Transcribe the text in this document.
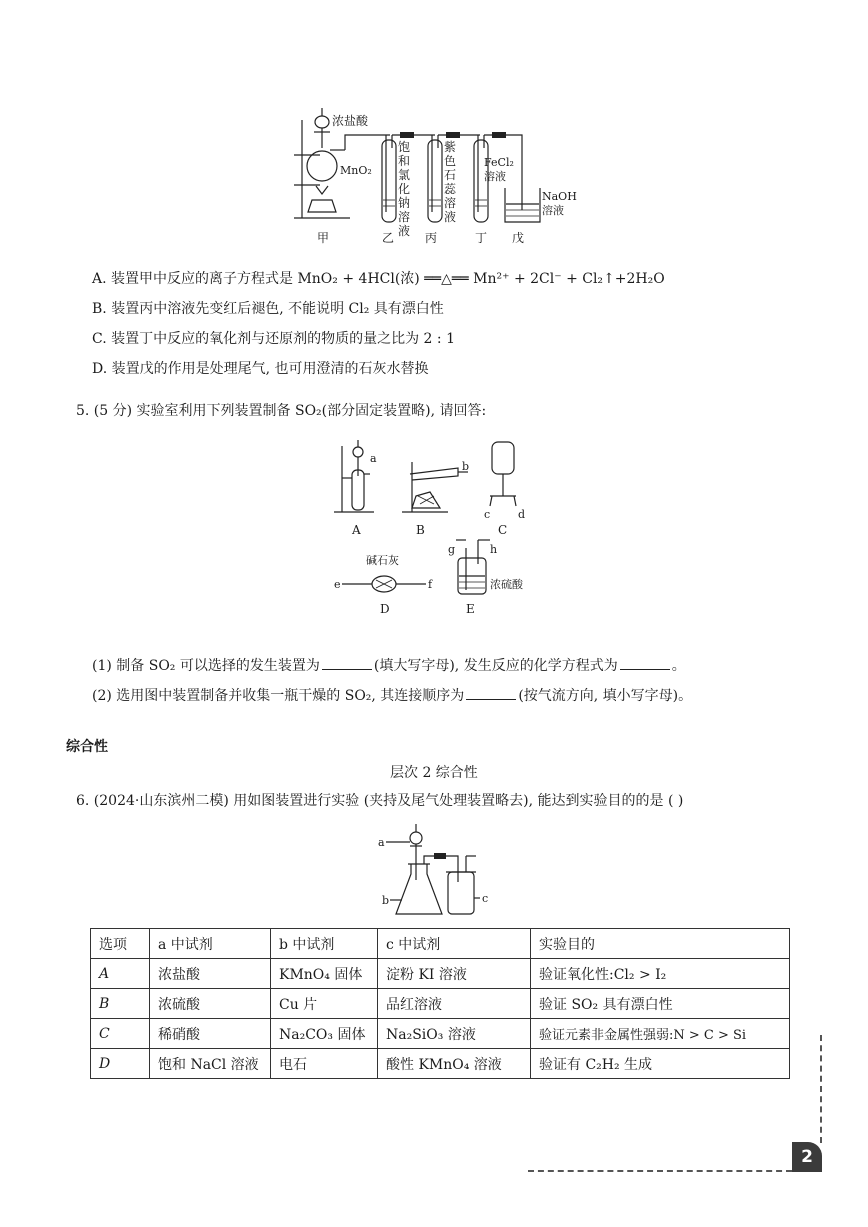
浓盐酸
MnO₂
饱和氯化钠溶液
紫色石蕊溶液
FeCl₂溶液
NaOH溶液
甲	乙	丙	丁 戊
A. 装置甲中反应的离子方程式是 MnO₂ + 4HCl(浓) ══△══ Mn²⁺ + 2Cl⁻ + Cl₂↑+2H₂O
B. 装置丙中溶液先变红后褪色, 不能说明 Cl₂ 具有漂白性
C. 装置丁中反应的氧化剂与还原剂的物质的量之比为 2 : 1
D. 装置戊的作用是处理尾气, 也可用澄清的石灰水替换
5. (5 分) 实验室利用下列装置制备 SO₂(部分固定装置略), 请回答:
a
b
c	d
e	f
g	h
A	B	C
D	E
碱石灰
浓硫酸
(1) 制备 SO₂ 可以选择的发生装置为	(填大写字母), 发生反应的化学方程式为	。
(2) 选用图中装置制备并收集一瓶干燥的 SO₂, 其连接顺序为	(按气流方向, 填小写字母)。
综合性
层次 2 综合性
6. (2024·山东滨州二模) 用如图装置进行实验 (夹持及尾气处理装置略去), 能达到实验目的的是 ( )
a
b	c
选项	a 中试剂	b 中试剂	c 中试剂	实验目的
A	浓盐酸	KMnO₄ 固体	淀粉 KI 溶液	验证氧化性:Cl₂ > I₂
B	浓硫酸	Cu 片	品红溶液	验证 SO₂ 具有漂白性
C	稀硝酸	Na₂CO₃ 固体	Na₂SiO₃ 溶液	验证元素非金属性强弱:N > C > Si
D	饱和 NaCl 溶液	电石	酸性 KMnO₄ 溶液	验证有 C₂H₂ 生成
2
